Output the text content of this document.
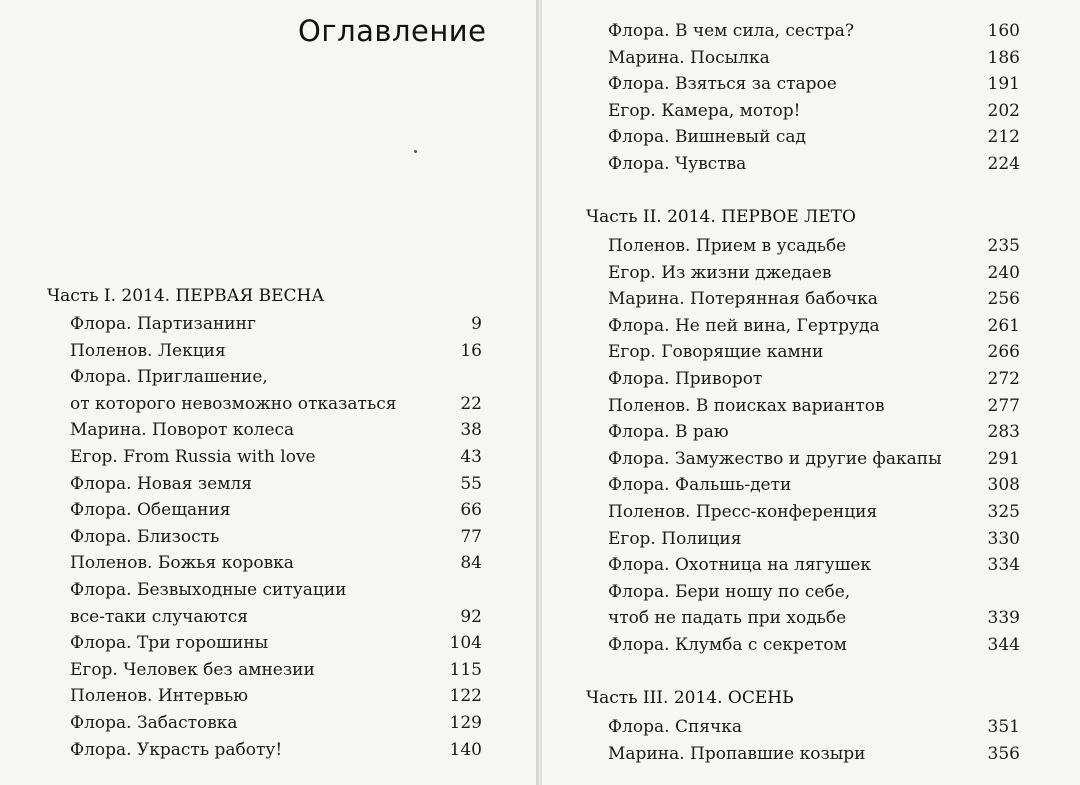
Оглавление
Часть I. 2014. ПЕРВАЯ ВЕСНА
Флора. Партизанинг	9
Поленов. Лекция	16
Флора. Приглашение,
от которого невозможно отказаться	22
Марина. Поворот колеса	38
Егор. From Russia with love	43
Флора. Новая земля	55
Флора. Обещания	66
Флора. Близость	77
Поленов. Божья коровка	84
Флора. Безвыходные ситуации
все-таки случаются	92
Флора. Три горошины	104
Егор. Человек без амнезии	115
Поленов. Интервью	122
Флора. Забастовка	129
Флора. Украсть работу!	140
Флора. В чем сила, сестра?	160
Марина. Посылка	186
Флора. Взяться за старое	191
Егор. Камера, мотор!	202
Флора. Вишневый сад	212
Флора. Чувства	224
Часть II. 2014. ПЕРВОЕ ЛЕТО
Поленов. Прием в усадьбе	235
Егор. Из жизни джедаев	240
Марина. Потерянная бабочка	256
Флора. Не пей вина, Гертруда	261
Егор. Говорящие камни	266
Флора. Приворот	272
Поленов. В поисках вариантов	277
Флора. В раю	283
Флора. Замужество и другие факапы	291
Флора. Фальшь-дети	308
Поленов. Пресс-конференция	325
Егор. Полиция	330
Флора. Охотница на лягушек	334
Флора. Бери ношу по себе,
чтоб не падать при ходьбе	339
Флора. Клумба с секретом	344
Часть III. 2014. ОСЕНЬ
Флора. Спячка	351
Марина. Пропавшие козыри	356
